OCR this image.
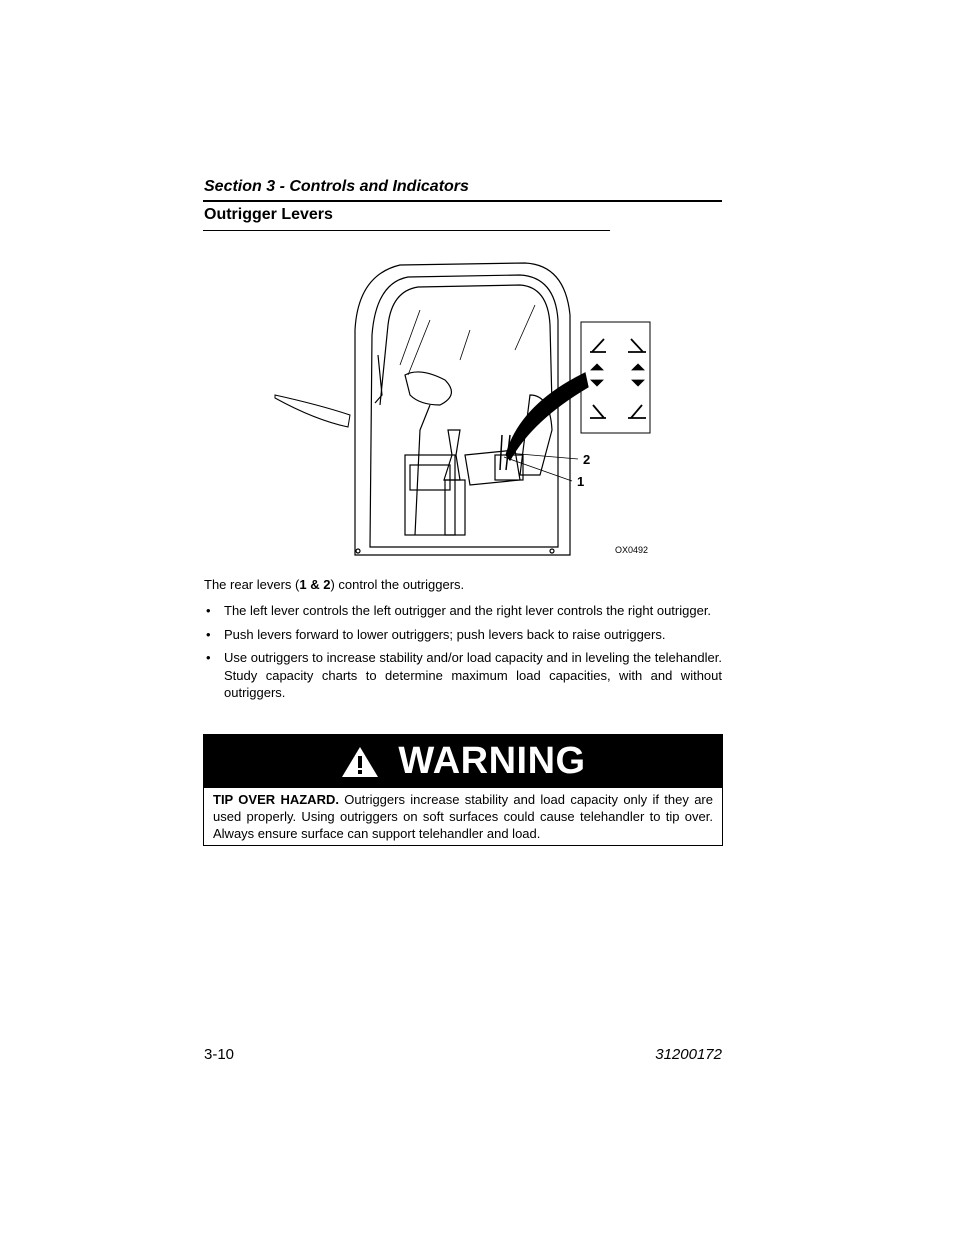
Section 3 - Controls and Indicators
Outrigger Levers
2
1
OX0492
The rear levers (1 & 2) control the outriggers.
• The left lever controls the left outrigger and the right lever controls the right outrigger.
• Push levers forward to lower outriggers; push levers back to raise outriggers.
• Use outriggers to increase stability and/or load capacity and in leveling the telehandler. Study capacity charts to determine maximum load capacities, with and without outriggers.
WARNING
TIP OVER HAZARD. Outriggers increase stability and load capacity only if they are used properly. Using outriggers on soft surfaces could cause telehandler to tip over. Always ensure surface can support telehandler and load.
3-10	31200172
